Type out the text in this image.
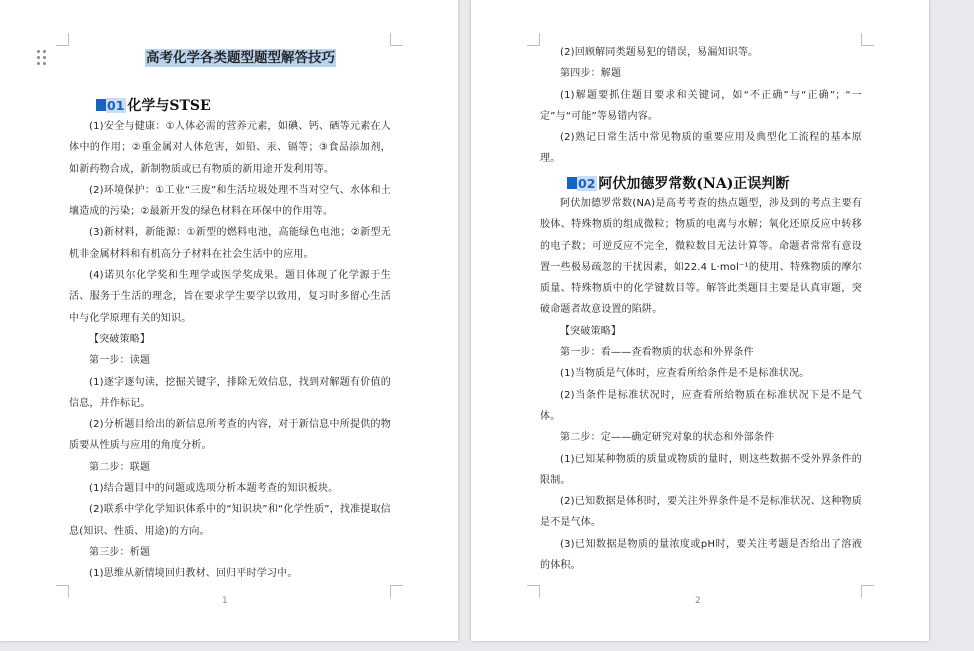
高考化学各类题型题型解答技巧
01 化学与STSE

(1)安全与健康：①人体必需的营养元素，如碘、钙、硒等元素在人体中的作用；②重金属对人体危害，如铅、汞、镉等；③食品添加剂，如新药物合成，新制物质或已有物质的新用途开发利用等。

(2)环境保护：①工业“三废”和生活垃圾处理不当对空气、水体和土壤造成的污染；②最新开发的绿色材料在环保中的作用等。

(3)新材料，新能源：①新型的燃料电池，高能绿色电池；②新型无机非金属材料和有机高分子材料在社会生活中的应用。

(4)诺贝尔化学奖和生理学或医学奖成果。题目体现了化学源于生活、服务于生活的理念，旨在要求学生要学以致用，复习时多留心生活中与化学原理有关的知识。

【突破策略】

第一步：读题

(1)逐字逐句读，挖掘关键字，排除无效信息，找到对解题有价值的信息，并作标记。

(2)分析题目给出的新信息所考查的内容，对于新信息中所提供的物质要从性质与应用的角度分析。

第二步：联题

(1)结合题目中的问题或选项分析本题考查的知识板块。

(2)联系中学化学知识体系中的“知识块”和“化学性质”，找准提取信息(知识、性质、用途)的方向。

第三步：析题

(1)思维从新情境回归教材、回归平时学习中。

1

(2)回顾解同类题易犯的错误，易漏知识等。

第四步：解题

(1)解题要抓住题目要求和关键词，如“不正确”与“正确”；“一定”与“可能”等易错内容。

(2)熟记日常生活中常见物质的重要应用及典型化工流程的基本原理。

02 阿伏加德罗常数(NA)正误判断

阿伏加德罗常数(NA)是高考考查的热点题型，涉及到的考点主要有胶体、特殊物质的组成微粒；物质的电离与水解；氧化还原反应中转移的电子数；可逆反应不完全，微粒数目无法计算等。命题者常常有意设置一些极易疏忽的干扰因素，如22.4 L·mol⁻¹的使用、特殊物质的摩尔质量、特殊物质中的化学键数目等。解答此类题目主要是认真审题，突破命题者故意设置的陷阱。

【突破策略】

第一步：看——查看物质的状态和外界条件

(1)当物质是气体时，应查看所给条件是不是标准状况。

(2)当条件是标准状况时，应查看所给物质在标准状况下是不是气体。

第二步：定——确定研究对象的状态和外部条件

(1)已知某种物质的质量或物质的量时，则这些数据不受外界条件的限制。

(2)已知数据是体积时，要关注外界条件是不是标准状况、这种物质是不是气体。

(3)已知数据是物质的量浓度或pH时，要关注考题是否给出了溶液的体积。

2
